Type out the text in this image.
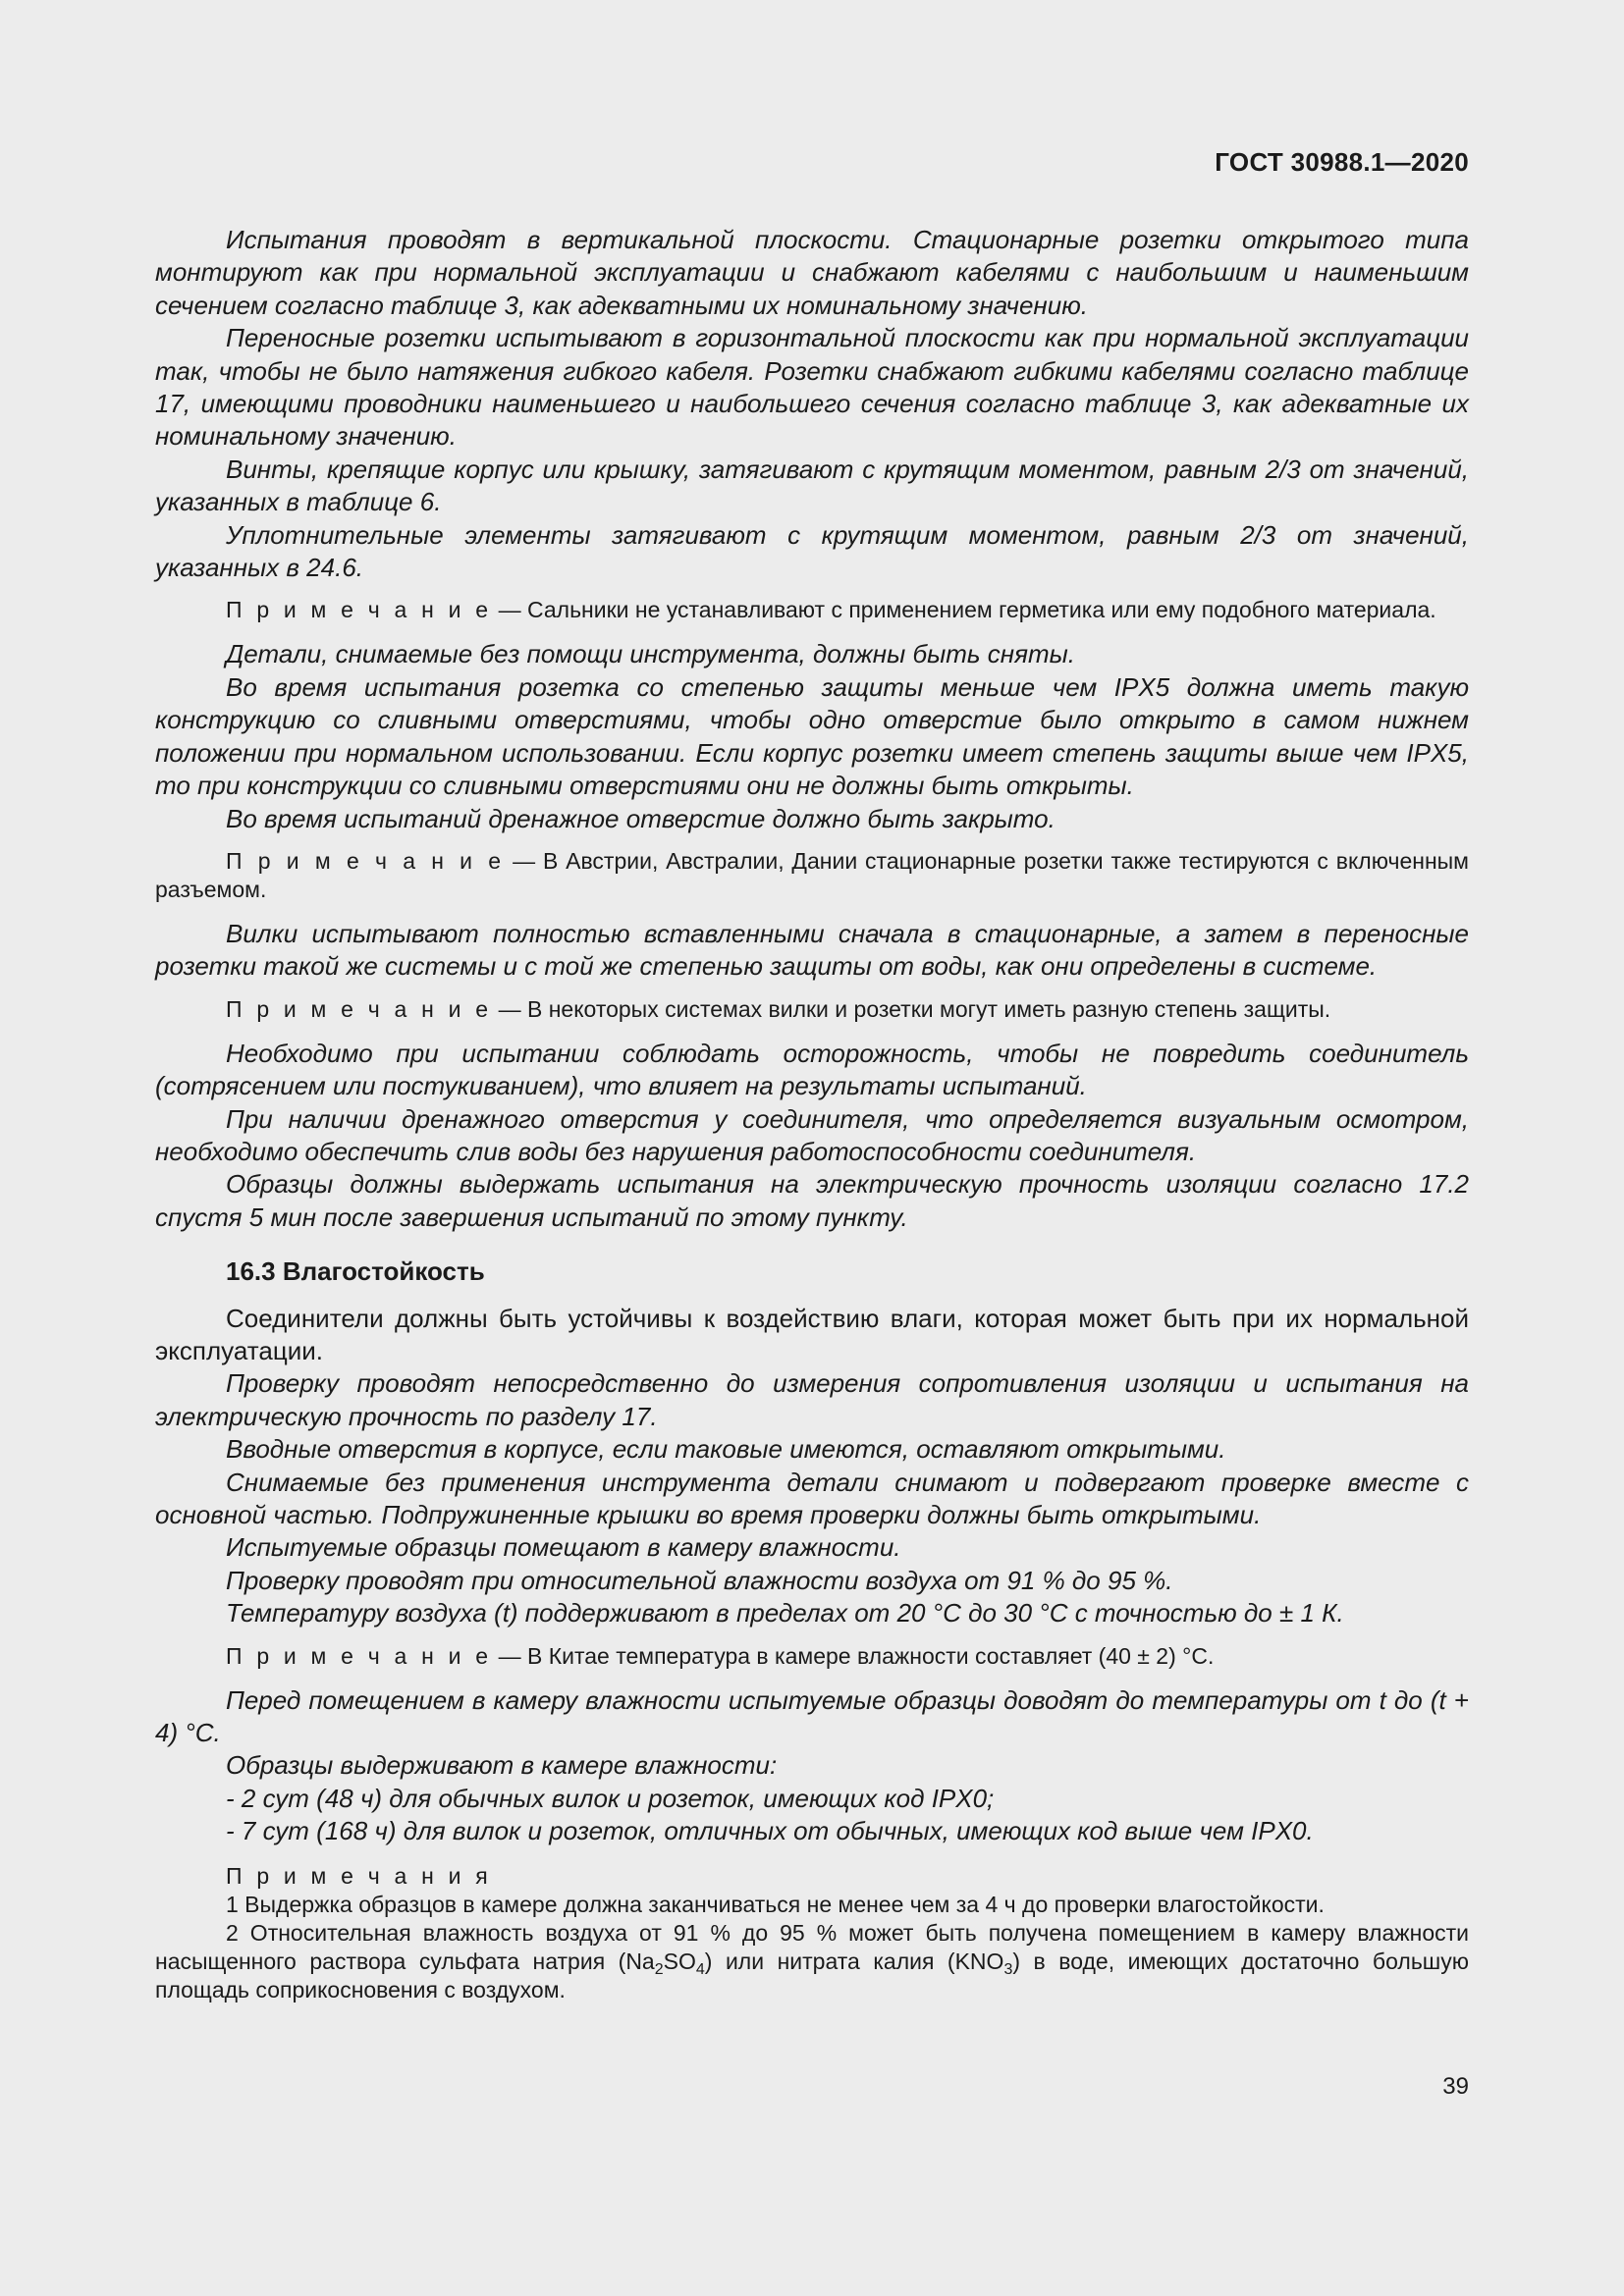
ГОСТ 30988.1—2020

Испытания проводят в вертикальной плоскости. Стационарные розетки открытого типа монтируют как при нормальной эксплуатации и снабжают кабелями с наибольшим и наименьшим сечением согласно таблице 3, как адекватными их номинальному значению.

Переносные розетки испытывают в горизонтальной плоскости как при нормальной эксплуатации так, чтобы не было натяжения гибкого кабеля. Розетки снабжают гибкими кабелями согласно таблице 17, имеющими проводники наименьшего и наибольшего сечения согласно таблице 3, как адекватные их номинальному значению.

Винты, крепящие корпус или крышку, затягивают с крутящим моментом, равным 2/3 от значений, указанных в таблице 6.

Уплотнительные элементы затягивают с крутящим моментом, равным 2/3 от значений, указанных в 24.6.

П р и м е ч а н и е — Сальники не устанавливают с применением герметика или ему подобного материала.

Детали, снимаемые без помощи инструмента, должны быть сняты.

Во время испытания розетка со степенью защиты меньше чем IPX5 должна иметь такую конструкцию со сливными отверстиями, чтобы одно отверстие было открыто в самом нижнем положении при нормальном использовании. Если корпус розетки имеет степень защиты выше чем IPX5, то при конструкции со сливными отверстиями они не должны быть открыты.

Во время испытаний дренажное отверстие должно быть закрыто.

П р и м е ч а н и е — В Австрии, Австралии, Дании стационарные розетки также тестируются с включенным разъемом.

Вилки испытывают полностью вставленными сначала в стационарные, а затем в переносные розетки такой же системы и с той же степенью защиты от воды, как они определены в системе.

П р и м е ч а н и е — В некоторых системах вилки и розетки могут иметь разную степень защиты.

Необходимо при испытании соблюдать осторожность, чтобы не повредить соединитель (сотрясением или постукиванием), что влияет на результаты испытаний.

При наличии дренажного отверстия у соединителя, что определяется визуальным осмотром, необходимо обеспечить слив воды без нарушения работоспособности соединителя.

Образцы должны выдержать испытания на электрическую прочность изоляции согласно 17.2 спустя 5 мин после завершения испытаний по этому пункту.

16.3 Влагостойкость

Соединители должны быть устойчивы к воздействию влаги, которая может быть при их нормальной эксплуатации.

Проверку проводят непосредственно до измерения сопротивления изоляции и испытания на электрическую прочность по разделу 17.

Вводные отверстия в корпусе, если таковые имеются, оставляют открытыми.

Снимаемые без применения инструмента детали снимают и подвергают проверке вместе с основной частью. Подпружиненные крышки во время проверки должны быть открытыми.

Испытуемые образцы помещают в камеру влажности.

Проверку проводят при относительной влажности воздуха от 91 % до 95 %.

Температуру воздуха (t) поддерживают в пределах от 20 °С до 30 °С с точностью до ± 1 К.

П р и м е ч а н и е — В Китае температура в камере влажности составляет (40 ± 2) °С.

Перед помещением в камеру влажности испытуемые образцы доводят до температуры от t до (t + 4) °С.

Образцы выдерживают в камере влажности:

- 2 сут (48 ч) для обычных вилок и розеток, имеющих код IPX0;

- 7 сут (168 ч) для вилок и розеток, отличных от обычных, имеющих код выше чем IPX0.

П р и м е ч а н и я

1 Выдержка образцов в камере должна заканчиваться не менее чем за 4 ч до проверки влагостойкости.

2 Относительная влажность воздуха от 91 % до 95 % может быть получена помещением в камеру влажности насыщенного раствора сульфата натрия $(Na_2SO_4)$ или нитрата калия $(KNO_3)$ в воде, имеющих достаточно большую площадь соприкосновения с воздухом.

39
